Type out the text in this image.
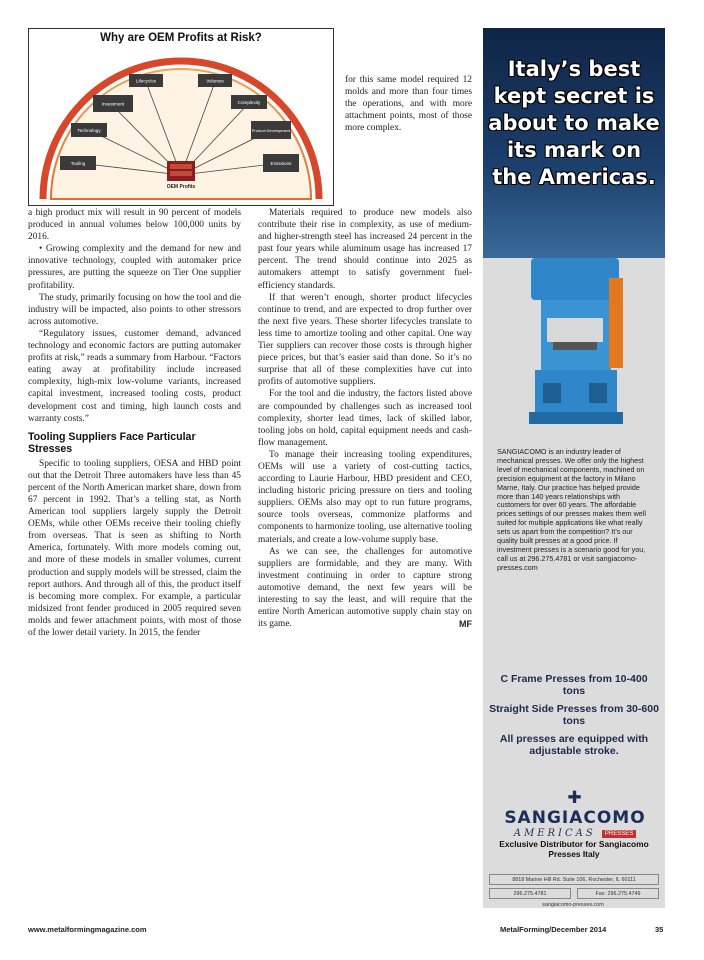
Why are OEM Profits at Risk?
Lifecycles	Volumes
Investment	Complexity
Technology	Product Development
Tooling	Emissions
OEM Profits

for this same model required 12 molds and more than four times the operations, and with more attachment points, most of those more complex.

a high product mix will result in 90 percent of models produced in annual volumes below 100,000 units by 2016.

• Growing complexity and the demand for new and innovative technology, coupled with automaker price pressures, are putting the squeeze on Tier One supplier profitability.

The study, primarily focusing on how the tool and die industry will be impacted, also points to other stressors across automotive.

“Regulatory issues, customer demand, advanced technology and economic factors are putting automaker profits at risk,” reads a summary from Harbour. “Factors eating away at profitability include increased complexity, high-mix low-volume variants, increased capital investment, increased tooling costs, product development cost and timing, high launch costs and warranty costs.”

Tooling Suppliers Face Particular Stresses

Specific to tooling suppliers, OESA and HBD point out that the Detroit Three automakers have less than 45 percent of the North American market share, down from 67 percent in 1992. That’s a telling stat, as North American tool suppliers largely supply the Detroit OEMs, while other OEMs receive their tooling chiefly from overseas. That is seen as shifting to North America, fortunately. With more models coming out, and more of these models in smaller volumes, current production and supply models will be stressed, claim the report authors. And through all of this, the product itself is becoming more complex. For example, a particular midsized front fender produced in 2005 required seven molds and fewer attachment points, with most of those of the lower detail variety. In 2015, the fender

Materials required to produce new models also contribute their rise in complexity, as use of medium- and higher-strength steel has increased 24 percent in the past four years while aluminum usage has increased 17 percent. The trend should continue into 2025 as automakers attempt to satisfy government fuel-efficiency standards.

If that weren’t enough, shorter product lifecycles continue to trend, and are expected to drop further over the next five years. These shorter lifecycles translate to less time to amortize tooling and other capital. One way Tier suppliers can recover those costs is through higher piece prices, but that’s easier said than done. So it’s no surprise that all of these complexities have cut into profits of automotive suppliers.

For the tool and die industry, the factors listed above are compounded by challenges such as increased tool complexity, shorter lead times, lack of skilled labor, tooling jobs on hold, capital equipment needs and cash-flow management.

To manage their increasing tooling expenditures, OEMs will use a variety of cost-cutting tactics, according to Laurie Harbour, HBD president and CEO, including historic pricing pressure on tiers and tooling suppliers. OEMs also may opt to run future programs, source tools overseas, commonize platforms and components to harmonize tooling, use alternative tooling materials, and create a low-volume supply base.

As we can see, the challenges for automotive suppliers are formidable, and they are many. With investment continuing in order to capture strong automotive demand, the next few years will be interesting to say the least, and will require that the entire North American automotive supply chain stay on its game.	MF

Italy’s best
kept secret is
about to make
its mark on
the Americas.
SANGIACOMO is an industry leader of mechanical presses. We offer only the highest level of mechanical components, machined on precision equipment at the factory in Milano Marne, Italy. Our practice has helped provide more than 140 years relationships with customers for over 60 years. The affordable prices settings of our presses makes them well suited for multiple applications like what really sets us apart from the competition? It’s our quality built presses at a good price. If investment presses is a scenario good for you, call us at 296.275.4781 or visit sangiacomo-presses.com
C Frame Presses from 10-400 tons
Straight Side Presses from 30-600 tons
All presses are equipped with adjustable stroke.
✚ SANGIACOMO
AMERICAS PRESSES
Exclusive Distributor for Sangiacomo Presses Italy
8818 Marine Hill Rd. Suite 106, Rochester, IL 60111
296.275.4781	Fax: 296.275.4749
sangiacomo-presses.com
www.metalformingmagazine.com	MetalForming/December 2014	35
